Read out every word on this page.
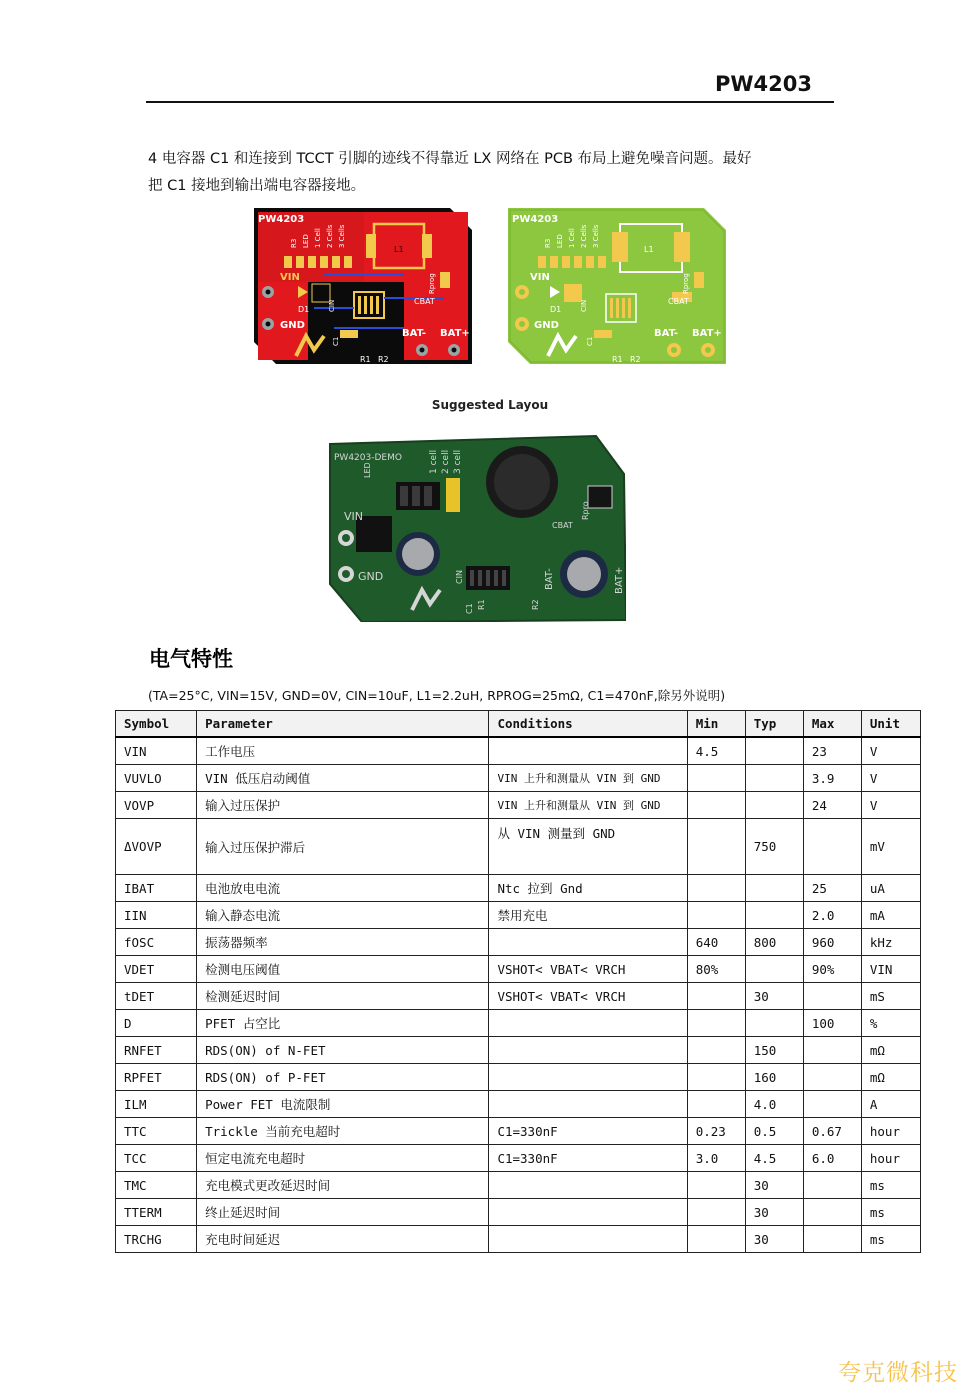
PW4203
4 电容器 C1 和连接到 TCCT 引脚的迹线不得靠近 LX 网络在 PCB 布局上避免噪音问题。最好
把 C1 接地到输出端电容器接地。
PW4203
VIN
D1
GND
L1
CBAT
BAT- BAT+
R1 R2
R3 LED 1 Cell 2 Cells 3 Cells
CIN
Rprog
C1
PW4203
VIN
D1
GND
L1
CBAT
BAT- BAT+
R1 R2
R3 LED 1 Cell 2 Cells 3 Cells
CIN
Rprog
C1
Suggested Layou
PW4203-DEMO
VIN
GND
CBAT
LED	1 cell 2 cell 3 cell
Rpro
CIN	BAT-	BAT+
R1	R2
C1
电气特性
(TA=25°C, VIN=15V, GND=0V, CIN=10uF, L1=2.2uH, RPROG=25mΩ, C1=470nF,除另外说明)
Symbol	Parameter	Conditions	Min	Typ	Max	Unit
VIN	工作电压		4.5		23	V
VUVLO	VIN 低压启动阈值	VIN 上升和测量从 VIN 到 GND			3.9	V
VOVP	输入过压保护	VIN 上升和测量从 VIN 到 GND			24	V
ΔVOVP	输入过压保护滞后	从 VIN 测量到 GND		750		mV
IBAT	电池放电电流	Ntc 拉到 Gnd			25	uA
IIN	输入静态电流	禁用充电			2.0	mA
fOSC	振荡器频率		640	800	960	kHz
VDET	检测电压阈值	VSHOT< VBAT< VRCH	80%		90%	VIN
tDET	检测延迟时间	VSHOT< VBAT< VRCH		30		mS
D	PFET 占空比				100	%
RNFET	RDS(ON) of N-FET			150		mΩ
RPFET	RDS(ON) of P-FET			160		mΩ
ILM	Power FET 电流限制			4.0		A
TTC	Trickle 当前充电超时	C1=330nF	0.23	0.5	0.67	hour
TCC	恒定电流充电超时	C1=330nF	3.0	4.5	6.0	hour
TMC	充电模式更改延迟时间			30		ms
TTERM	终止延迟时间			30		ms
TRCHG	充电时间延迟			30		ms
夸克微科技
